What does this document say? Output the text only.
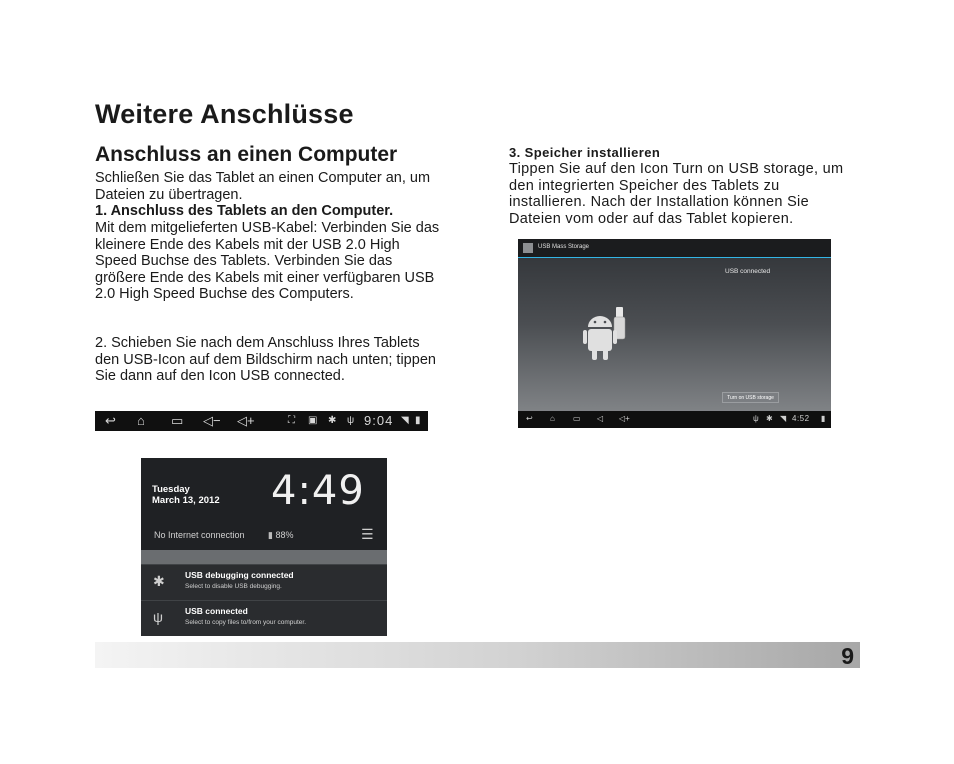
Weitere Anschlüsse
Anschluss an einen Computer

Schließen Sie das Tablet an einen Computer an, um Dateien zu übertragen.

1. Anschluss des Tablets an den Computer.

Mit dem mitgelieferten USB-Kabel: Verbinden Sie das kleinere Ende des Kabels mit der USB 2.0 High Speed Buchse des Tablets. Verbinden Sie das größere Ende des Kabels mit einer verfügbaren USB 2.0 High Speed Buchse des Computers.

2. Schieben Sie nach dem Anschluss Ihres Tablets den USB-Icon auf dem Bildschirm nach unten; tippen Sie dann auf den Icon USB connected.

3. Speicher installieren

Tippen Sie auf den Icon Turn on USB storage, um den integrierten Speicher des Tablets zu installieren. Nach der Installation können Sie Dateien vom oder auf das Tablet kopieren.

↩ ⌂ ▭ ◁− ◁+	⛶ ▣ ✱ ψ 9:04 ◥ ▮
Tuesday
March 13, 2012 4:49
No Internet connection	▮ 88%	☰
✱ USB debugging connected
Select to disable USB debugging.
ψ	USB connected
Select to copy files to/from your computer.
USB Mass Storage
USB connected
Turn on USB storage
↩ ⌂ ▭ ◁ ◁+	ψ ✱ ◥ 4:52 ▮
9
